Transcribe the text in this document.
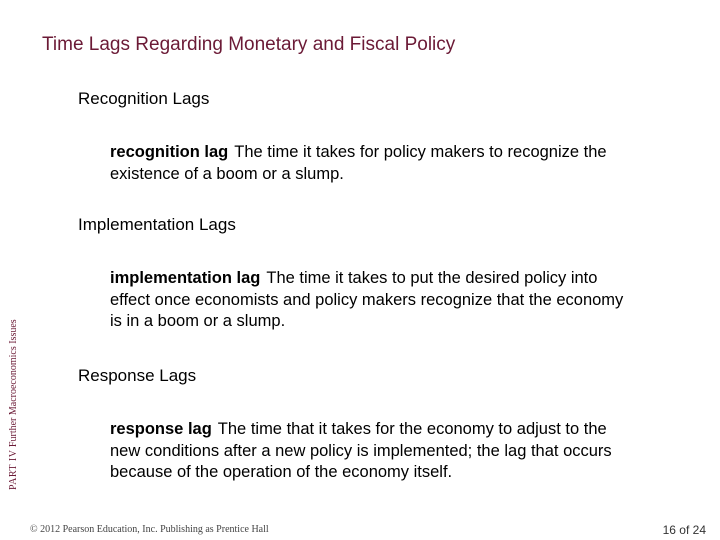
Time Lags Regarding Monetary and Fiscal Policy
Recognition Lags
recognition lag The time it takes for policy makers to recognize the existence of a boom or a slump.
Implementation Lags
implementation lag The time it takes to put the desired policy into effect once economists and policy makers recognize that the economy is in a boom or a slump.
Response Lags
response lag The time that it takes for the economy to adjust to the new conditions after a new policy is implemented; the lag that occurs because of the operation of the economy itself.
PART IV Further Macroeconomics Issues
© 2012 Pearson Education, Inc. Publishing as Prentice Hall	16 of 24
